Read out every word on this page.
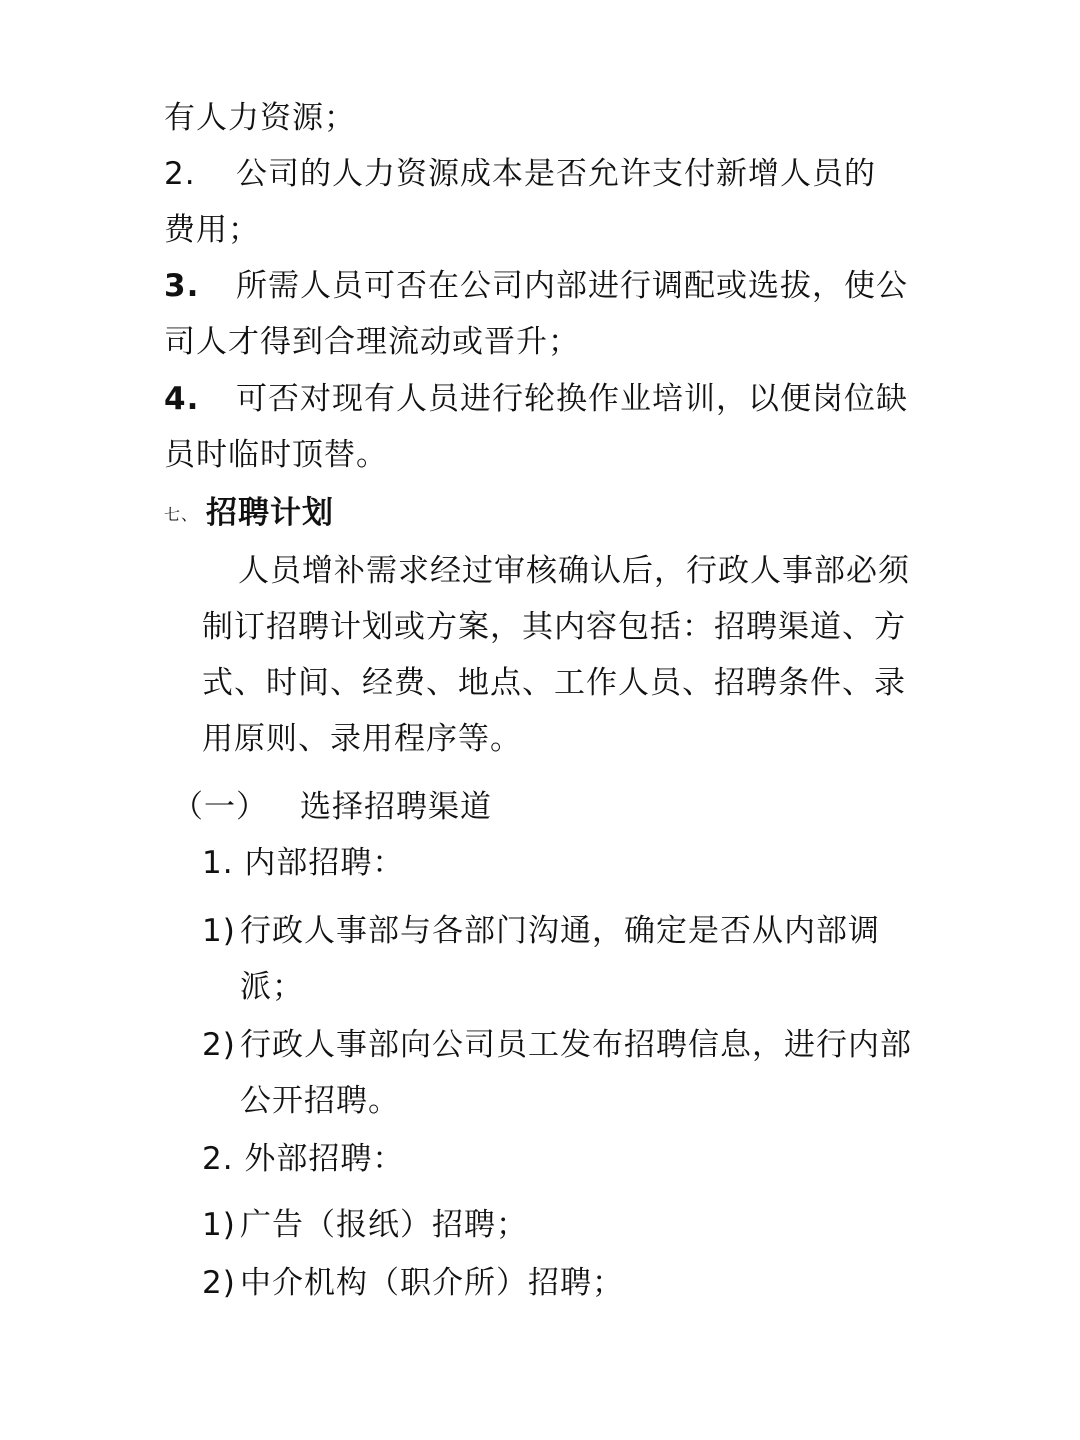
有人力资源；
2. 公司的人力资源成本是否允许支付新增人员的
费用；
3. 所需人员可否在公司内部进行调配或选拔，使公
司人才得到合理流动或晋升；
4. 可否对现有人员进行轮换作业培训，以便岗位缺
员时临时顶替。
七、 招聘计划
人员增补需求经过审核确认后，行政人事部必须
制订招聘计划或方案，其内容包括：招聘渠道、方
式、时间、经费、地点、工作人员、招聘条件、录
用原则、录用程序等。
（一） 选择招聘渠道
1. 内部招聘：
1) 行政人事部与各部门沟通，确定是否从内部调
派；
2) 行政人事部向公司员工发布招聘信息，进行内部
公开招聘。
2. 外部招聘：
1) 广告（报纸）招聘；
2) 中介机构（职介所）招聘；
